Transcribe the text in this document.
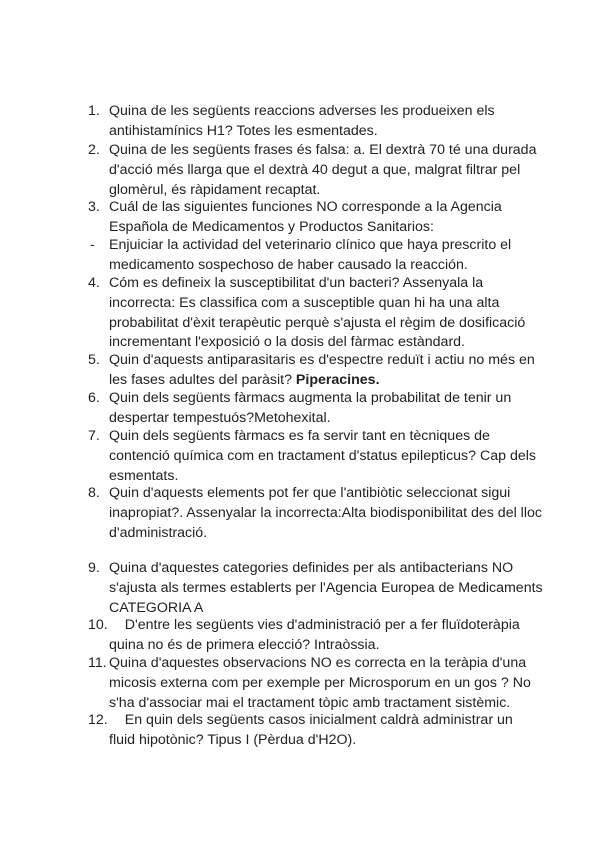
1. Quina de les següents reaccions adverses les produeixen els
antihistamínics H1? Totes les esmentades.
2. Quina de les següents frases és falsa: a. El dextrà 70 té una durada
d'acció més llarga que el dextrà 40 degut a que, malgrat filtrar pel
glomèrul, és ràpidament recaptat.
3. Cuál de las siguientes funciones NO corresponde a la Agencia
Española de Medicamentos y Productos Sanitarios:
- Enjuiciar la actividad del veterinario clínico que haya prescrito el
medicamento sospechoso de haber causado la reacción.
4. Cóm es defineix la susceptibilitat d'un bacteri? Assenyala la
incorrecta: Es classifica com a susceptible quan hi ha una alta
probabilitat d'èxit terapèutic perquè s'ajusta el règim de dosificació
incrementant l'exposició o la dosis del fàrmac estàndard.
5. Quin d'aquests antiparasitaris es d'espectre reduït i actiu no més en
les fases adultes del paràsit? Piperacines.
6. Quin dels següents fàrmacs augmenta la probabilitat de tenir un
despertar tempestuós?Metohexital.
7. Quin dels següents fàrmacs es fa servir tant en tècniques de
contenció química com en tractament d'status epilepticus? Cap dels
esmentats.
8. Quin d'aquests elements pot fer que l'antibiòtic seleccionat sigui
inapropiat?. Assenyalar la incorrecta:Alta biodisponibilitat des del lloc
d'administració.
9. Quina d'aquestes categories definides per als antibacterians NO
s'ajusta als termes establerts per l'Agencia Europea de Medicaments
CATEGORIA A
10. D'entre les següents vies d'administració per a fer fluïdoteràpia
quina no és de primera elecció? Intraòssia.
11. Quina d'aquestes observacions NO es correcta en la teràpia d'una
micosis externa com per exemple per Microsporum en un gos ? No
s'ha d'associar mai el tractament tòpic amb tractament sistèmic.
12. En quin dels següents casos inicialment caldrà administrar un
fluid hipotònic? Tipus I (Pèrdua d'H2O).
